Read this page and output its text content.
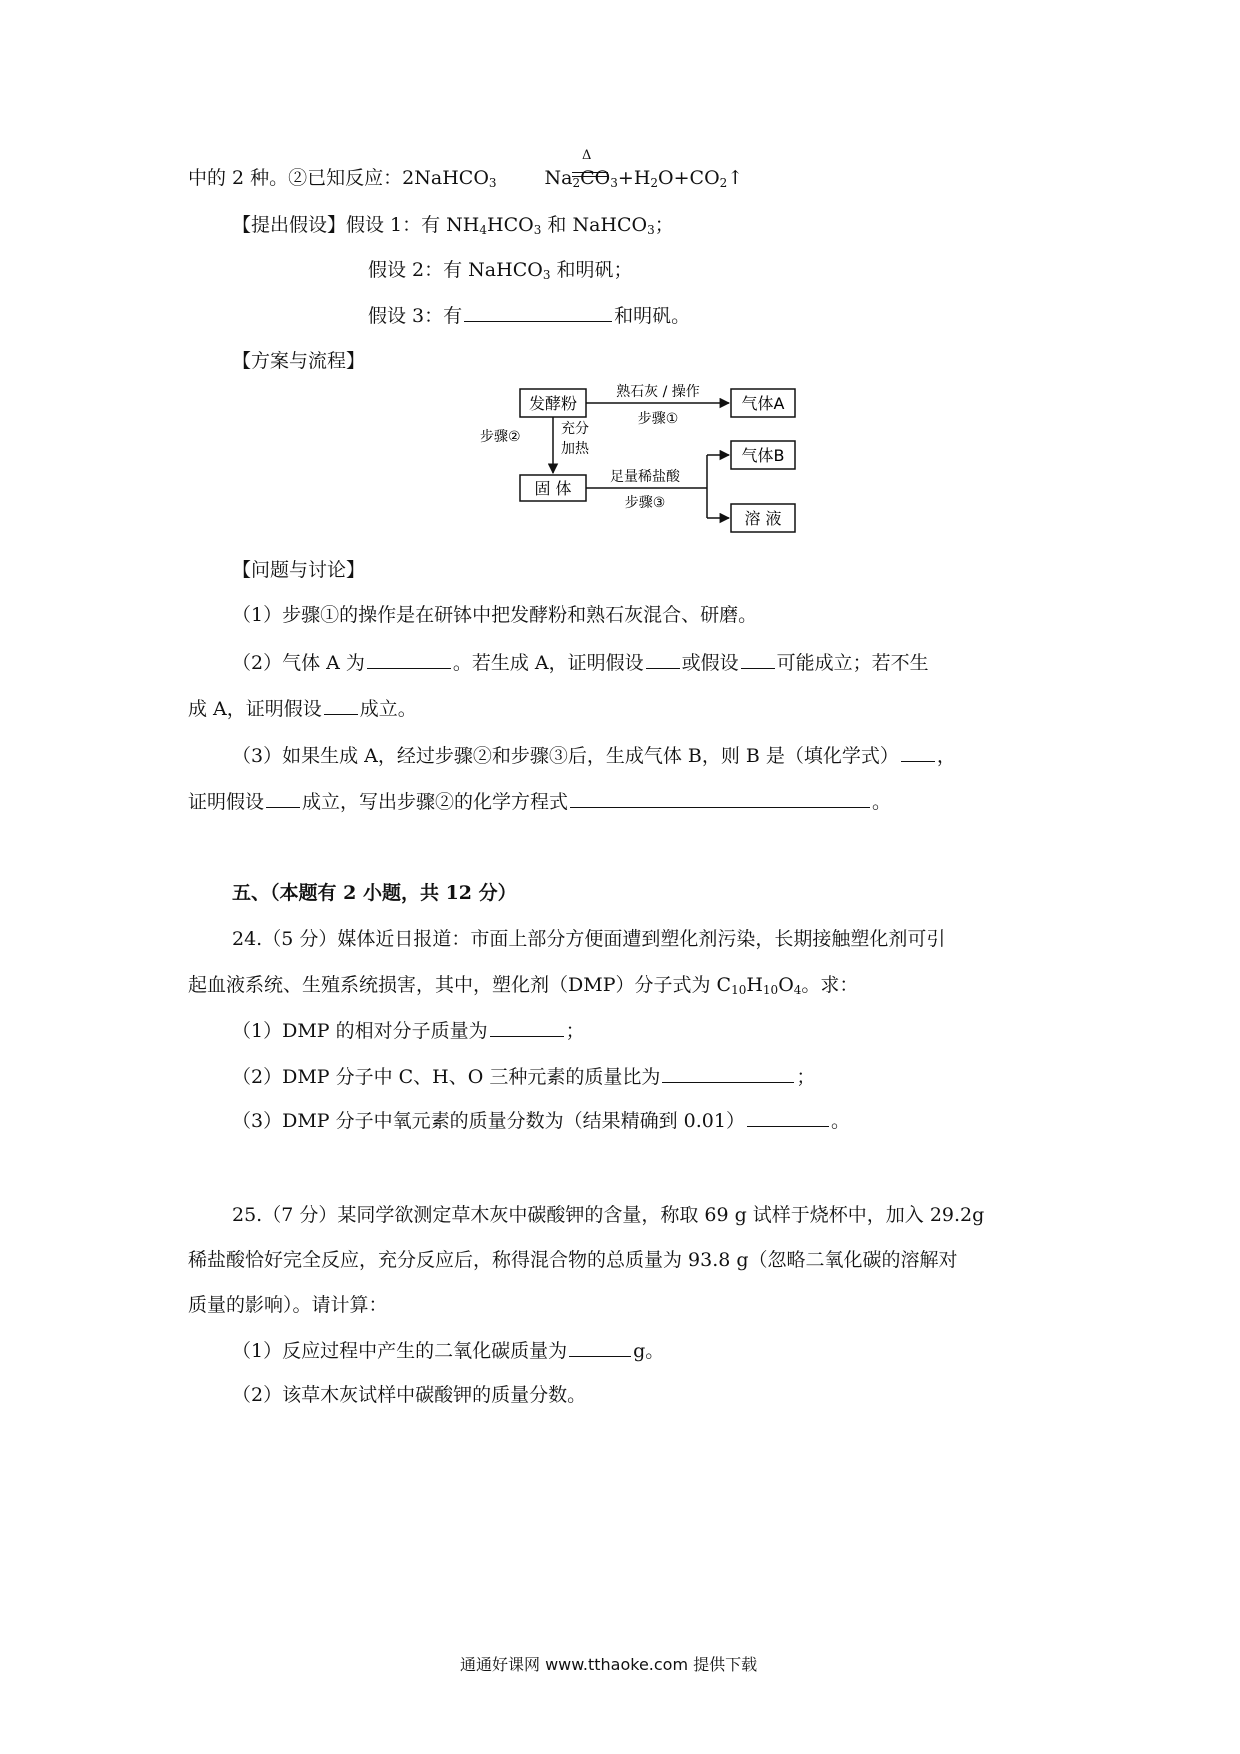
中的 2 种。②已知反应：2NaHCO$_3$	$Na_2CO_3+H_2O+CO_2↑$
Δ
【提出假设】假设 1：有 $NH_4HCO_3$ 和 NaHCO$_3$；
假设 2：有 NaHCO$_3$ 和明矾；
假设 3：有	和明矾。
【方案与流程】
发酵粉	气体A
熟石灰 / 操作
步骤①
步骤②	充分
加热
固 体
足量稀盐酸
步骤③
气体B
溶 液
【问题与讨论】
（1）步骤①的操作是在研钵中把发酵粉和熟石灰混合、研磨。
（2）气体 A 为	。若生成 A，证明假设 或假设 可能成立；若不生
成 A，证明假设 成立。
（3）如果生成 A，经过步骤②和步骤③后，生成气体 B，则 B 是（填化学式） ，
证明假设 成立，写出步骤②的化学方程式	。
五、（本题有 2 小题，共 12 分）
24.（5 分）媒体近日报道：市面上部分方便面遭到塑化剂污染，长期接触塑化剂可引
起血液系统、生殖系统损害，其中，塑化剂（DMP）分子式为 $C_{10}H_{10}O_4$。求：
（1）DMP 的相对分子质量为	；
（2）DMP 分子中 C、H、O 三种元素的质量比为	；
（3）DMP 分子中氧元素的质量分数为（结果精确到 0.01）	。
25.（7 分）某同学欲测定草木灰中碳酸钾的含量，称取 69 g 试样于烧杯中，加入 29.2g
稀盐酸恰好完全反应，充分反应后，称得混合物的总质量为 93.8 g（忽略二氧化碳的溶解对
质量的影响）。请计算：
（1）反应过程中产生的二氧化碳质量为	g。
（2）该草木灰试样中碳酸钾的质量分数。
通通好课网 www.tthaoke.com 提供下载
